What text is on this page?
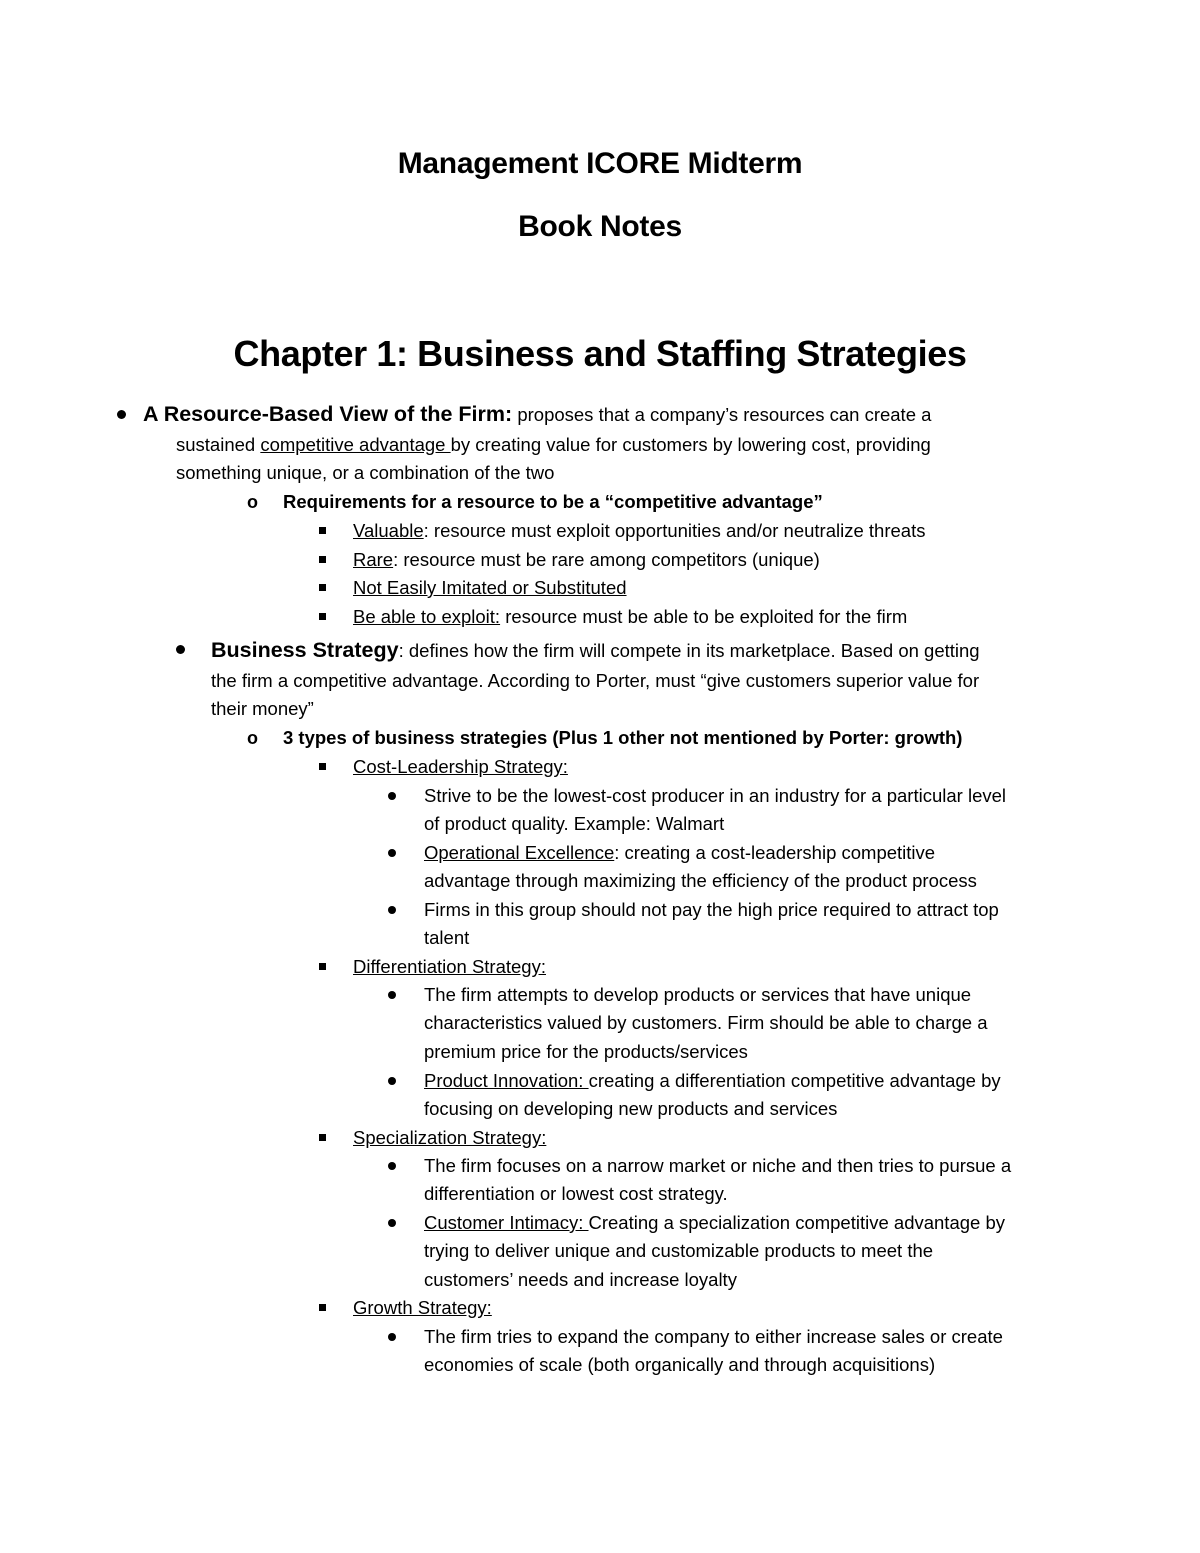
Management ICORE Midterm
Book Notes
Chapter 1: Business and Staffing Strategies
A Resource-Based View of the Firm: proposes that a company’s resources can create a
sustained competitive advantage by creating value for customers by lowering cost, providing
something unique, or a combination of the two
o Requirements for a resource to be a “competitive advantage”
Valuable: resource must exploit opportunities and/or neutralize threats
Rare: resource must be rare among competitors (unique)
Not Easily Imitated or Substituted
Be able to exploit: resource must be able to be exploited for the firm
Business Strategy: defines how the firm will compete in its marketplace. Based on getting
the firm a competitive advantage. According to Porter, must “give customers superior value for
their money”
o 3 types of business strategies (Plus 1 other not mentioned by Porter: growth)
Cost-Leadership Strategy:
Strive to be the lowest-cost producer in an industry for a particular level
of product quality. Example: Walmart
Operational Excellence: creating a cost-leadership competitive
advantage through maximizing the efficiency of the product process
Firms in this group should not pay the high price required to attract top
talent
Differentiation Strategy:
The firm attempts to develop products or services that have unique
characteristics valued by customers. Firm should be able to charge a
premium price for the products/services
Product Innovation: creating a differentiation competitive advantage by
focusing on developing new products and services
Specialization Strategy:
The firm focuses on a narrow market or niche and then tries to pursue a
differentiation or lowest cost strategy.
Customer Intimacy: Creating a specialization competitive advantage by
trying to deliver unique and customizable products to meet the
customers’ needs and increase loyalty
Growth Strategy:
The firm tries to expand the company to either increase sales or create
economies of scale (both organically and through acquisitions)
